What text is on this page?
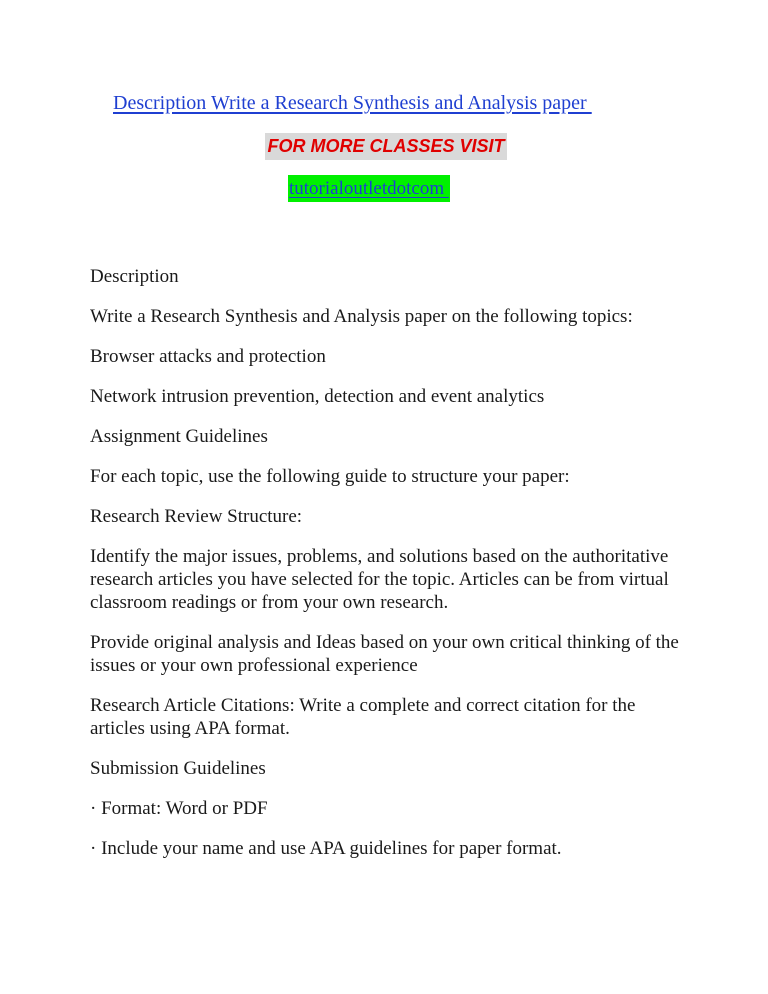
Description Write a Research Synthesis and Analysis paper
FOR MORE CLASSES VISIT
tutorialoutletdotcom

Description

Write a Research Synthesis and Analysis paper on the following topics:

Browser attacks and protection

Network intrusion prevention, detection and event analytics

Assignment Guidelines

For each topic, use the following guide to structure your paper:

Research Review Structure:

Identify the major issues, problems, and solutions based on the authoritative research articles you have selected for the topic. Articles can be from virtual classroom readings or from your own research.

Provide original analysis and Ideas based on your own critical thinking of the issues or your own professional experience

Research Article Citations: Write a complete and correct citation for the articles using APA format.

Submission Guidelines

· Format: Word or PDF

· Include your name and use APA guidelines for paper format.
